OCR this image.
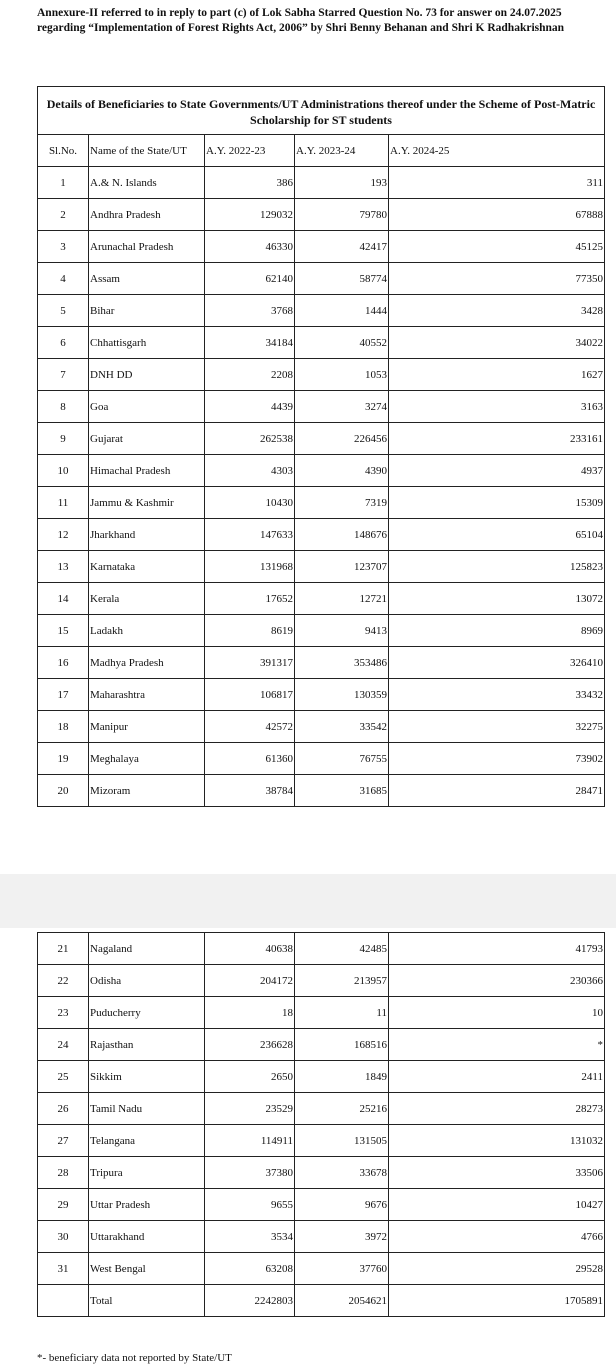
Annexure-II referred to in reply to part (c) of Lok Sabha Starred Question No. 73 for answer on 24.07.2025 regarding “Implementation of Forest Rights Act, 2006” by Shri Benny Behanan and Shri K Radhakrishnan
Details of Beneficiaries to State Governments/UT Administrations thereof under the Scheme of Post-Matric Scholarship for ST students				
Sl.No.	Name of the State/UT	A.Y. 2022-23	A.Y. 2023-24	A.Y. 2024-25
1	A.& N. Islands	386	193	311
2	Andhra Pradesh	129032	79780	67888
3	Arunachal Pradesh	46330	42417	45125
4	Assam	62140	58774	77350
5	Bihar	3768	1444	3428
6	Chhattisgarh	34184	40552	34022
7	DNH DD	2208	1053	1627
8	Goa	4439	3274	3163
9	Gujarat	262538	226456	233161
10	Himachal Pradesh	4303	4390	4937
11	Jammu & Kashmir	10430	7319	15309
12	Jharkhand	147633	148676	65104
13	Karnataka	131968	123707	125823
14	Kerala	17652	12721	13072
15	Ladakh	8619	9413	8969
16	Madhya Pradesh	391317	353486	326410
17	Maharashtra	106817	130359	33432
18	Manipur	42572	33542	32275
19	Meghalaya	61360	76755	73902
20	Mizoram	38784	31685	28471
21	Nagaland	40638	42485	41793
22	Odisha	204172	213957	230366
23	Puducherry	18	11	10
24	Rajasthan	236628	168516	*
25	Sikkim	2650	1849	2411
26	Tamil Nadu	23529	25216	28273
27	Telangana	114911	131505	131032
28	Tripura	37380	33678	33506
29	Uttar Pradesh	9655	9676	10427
30	Uttarakhand	3534	3972	4766
31	West Bengal	63208	37760	29528
	Total	2242803	2054621	1705891
*- beneficiary data not reported by State/UT
